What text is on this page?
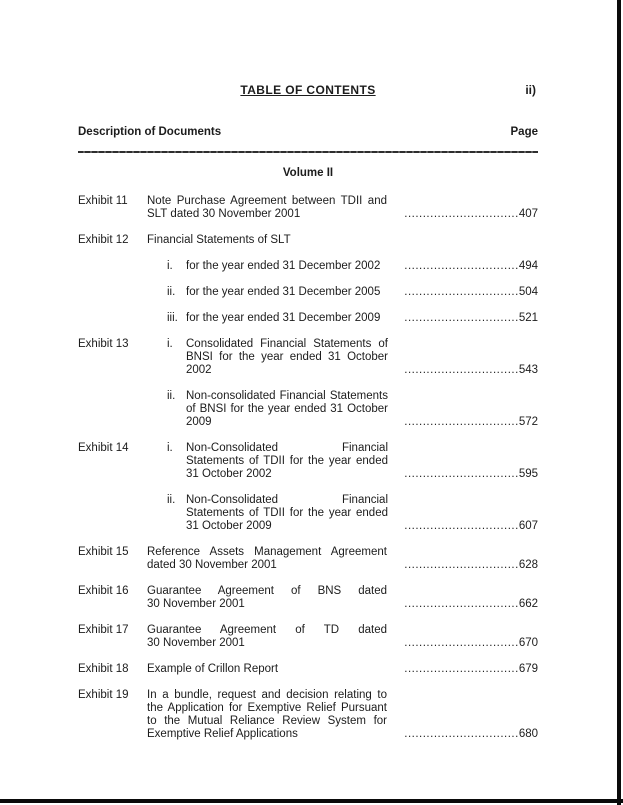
TABLE OF CONTENTS	ii)
Description of Documents	Page
Volume II
Exhibit 11	Note Purchase Agreement between TDII and SLT dated 30 November 2001 .....	407
Exhibit 12	Financial Statements of SLT
i.	for the year ended 31 December 2002 .....	494
ii. for the year ended 31 December 2005 .....	504
iii. for the year ended 31 December 2009 .....	521
Exhibit 13	i.	Consolidated Financial Statements of BNSI for the year ended 31 October 2002 .....	543
ii. Non-consolidated Financial Statements of BNSI for the year ended 31 October 2009 .....	572
Exhibit 14	i.	Non-Consolidated Financial Statements of TDII for the year ended 31 October 2002 .....	595
ii. Non-Consolidated Financial Statements of TDII for the year ended 31 October 2009 .....	607
Exhibit 15	Reference Assets Management Agreement dated 30 November 2001 .....	628
Exhibit 16	Guarantee Agreement of BNS dated 30 November 2001 .....	662
Exhibit 17	Guarantee Agreement of TD dated 30 November 2001 .....	670
Exhibit 18	Example of Crillon Report .....	679
Exhibit 19	In a bundle, request and decision relating to the Application for Exemptive Relief Pursuant to the Mutual Reliance Review System for Exemptive Relief Applications .....	680
